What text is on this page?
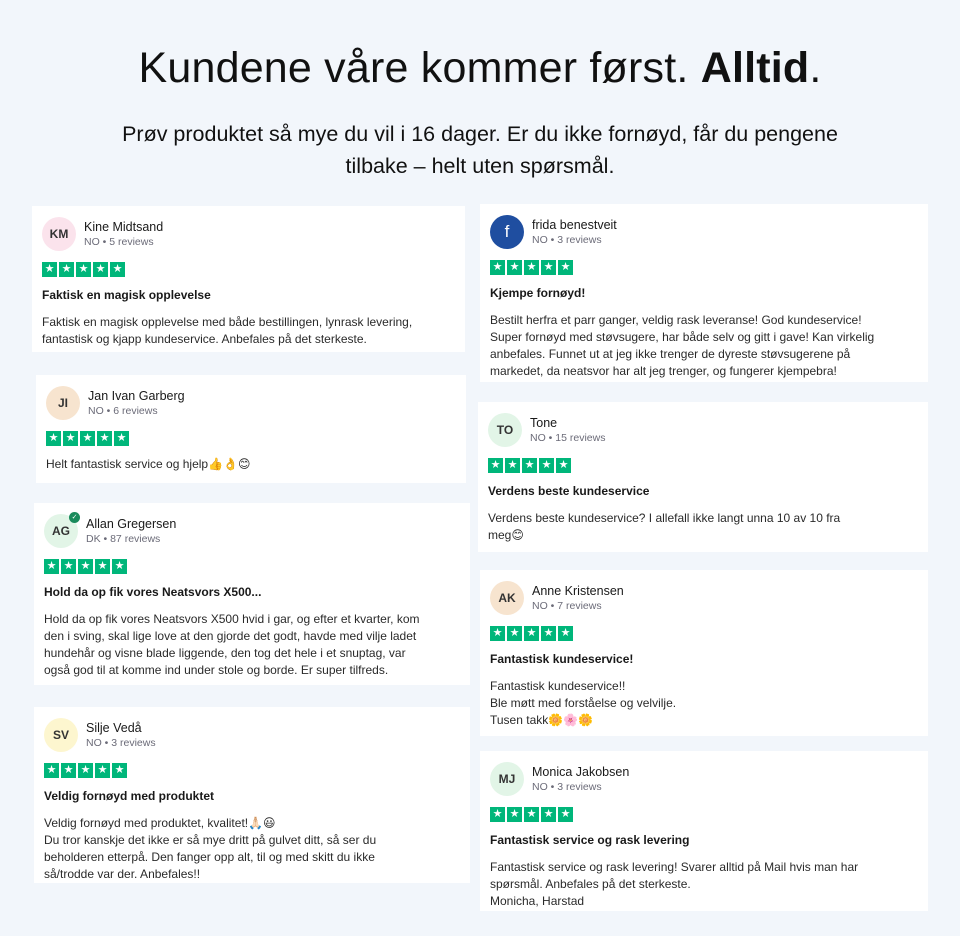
Kundene våre kommer først. Alltid.
Prøv produktet så mye du vil i 16 dager. Er du ikke fornøyd, får du pengene tilbake – helt uten spørsmål.
KM
Kine Midtsand
NO • 5 reviews
★ ★ ★ ★ ★
Faktisk en magisk opplevelse
Faktisk en magisk opplevelse med både bestillingen, lynrask levering,
fantastisk og kjapp kundeservice. Anbefales på det sterkeste.
JI
Jan Ivan Garberg
NO • 6 reviews
★ ★ ★ ★ ★
Helt fantastisk service og hjelp👍👌😊
AG
✓ Allan Gregersen
DK • 87 reviews
★ ★ ★ ★ ★
Hold da op fik vores Neatsvors X500...
Hold da op fik vores Neatsvors X500 hvid i gar, og efter et kvarter, kom
den i sving, skal lige love at den gjorde det godt, havde med vilje ladet
hundehår og visne blade liggende, den tog det hele i et snuptag, var
også god til at komme ind under stole og borde. Er super tilfreds.
SV
Silje Vedå
NO • 3 reviews
★ ★ ★ ★ ★
Veldig fornøyd med produktet
Veldig fornøyd med produktet, kvalitet!🙏🏻😃
Du tror kanskje det ikke er så mye dritt på gulvet ditt, så ser du
beholderen etterpå. Den fanger opp alt, til og med skitt du ikke
så/trodde var der. Anbefales!!
f frida benestveit
NO • 3 reviews
★ ★ ★ ★ ★
Kjempe fornøyd!
Bestilt herfra et parr ganger, veldig rask leveranse! God kundeservice!
Super fornøyd med støvsugere, har både selv og gitt i gave! Kan virkelig
anbefales. Funnet ut at jeg ikke trenger de dyreste støvsugerene på
markedet, da neatsvor har alt jeg trenger, og fungerer kjempebra!
TO
Tone
NO • 15 reviews
★ ★ ★ ★ ★
Verdens beste kundeservice
Verdens beste kundeservice? I allefall ikke langt unna 10 av 10 fra
meg😊
AK
Anne Kristensen
NO • 7 reviews
★ ★ ★ ★ ★
Fantastisk kundeservice!
Fantastisk kundeservice!!
Ble møtt med forståelse og velvilje.
Tusen takk🌼🌸🌼
MJ
Monica Jakobsen
NO • 3 reviews
★ ★ ★ ★ ★
Fantastisk service og rask levering
Fantastisk service og rask levering! Svarer alltid på Mail hvis man har
spørsmål. Anbefales på det sterkeste.
Monicha, Harstad
